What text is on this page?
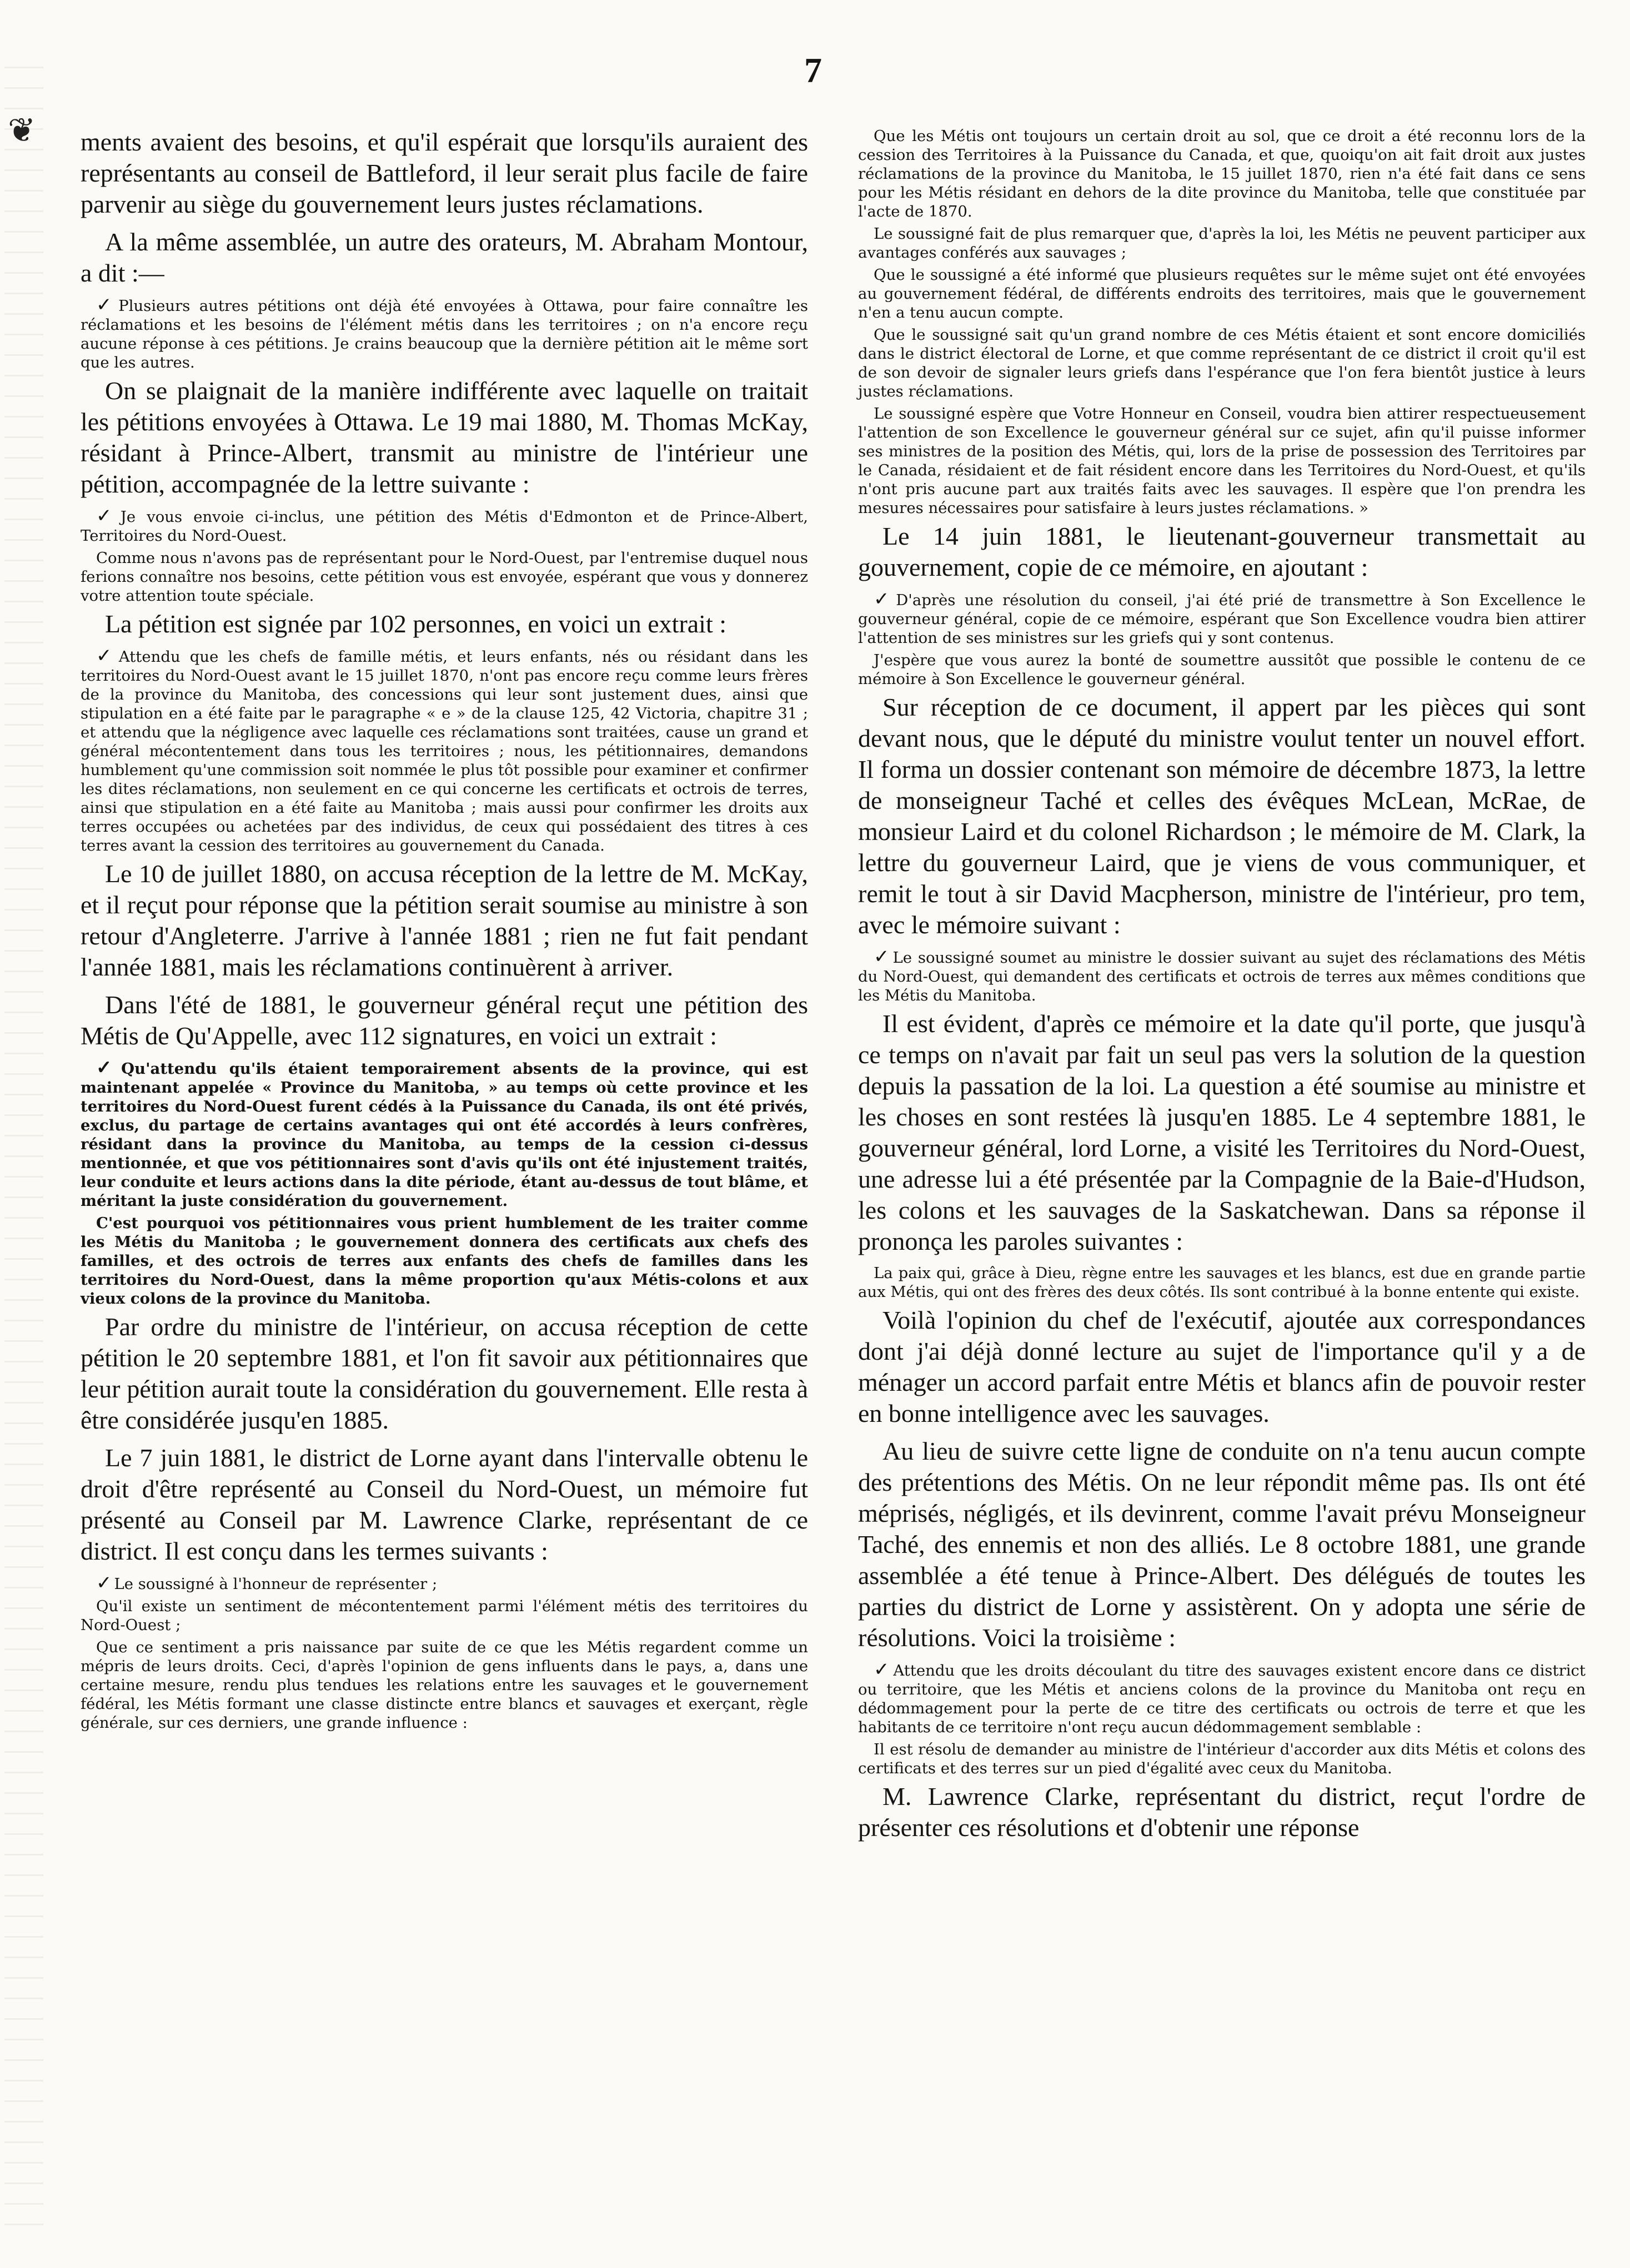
❦
7

ments avaient des besoins, et qu'il espérait que lorsqu'ils auraient des représentants au conseil de Battleford, il leur serait plus facile de faire parvenir au siège du gouvernement leurs justes réclamations.

A la même assemblée, un autre des orateurs, M. Abraham Montour, a dit :—

✓ Plusieurs autres pétitions ont déjà été envoyées à Ottawa, pour faire connaître les réclamations et les besoins de l'élément métis dans les territoires ; on n'a encore reçu aucune réponse à ces pétitions. Je crains beaucoup que la dernière pétition ait le même sort que les autres.

On se plaignait de la manière indifférente avec laquelle on traitait les pétitions envoyées à Ottawa. Le 19 mai 1880, M. Thomas McKay, résidant à Prince-Albert, transmit au ministre de l'intérieur une pétition, accompagnée de la lettre suivante :

✓ Je vous envoie ci-inclus, une pétition des Métis d'Edmonton et de Prince-Albert, Territoires du Nord-Ouest.

Comme nous n'avons pas de représentant pour le Nord-Ouest, par l'entremise duquel nous ferions connaître nos besoins, cette pétition vous est envoyée, espérant que vous y donnerez votre attention toute spéciale.

La pétition est signée par 102 personnes, en voici un extrait :

✓ Attendu que les chefs de famille métis, et leurs enfants, nés ou résidant dans les territoires du Nord-Ouest avant le 15 juillet 1870, n'ont pas encore reçu comme leurs frères de la province du Manitoba, des concessions qui leur sont justement dues, ainsi que stipulation en a été faite par le paragraphe « e » de la clause 125, 42 Victoria, chapitre 31 ; et attendu que la négligence avec laquelle ces réclamations sont traitées, cause un grand et général mécontentement dans tous les territoires ; nous, les pétitionnaires, demandons humblement qu'une commission soit nommée le plus tôt possible pour examiner et confirmer les dites réclamations, non seulement en ce qui concerne les certificats et octrois de terres, ainsi que stipulation en a été faite au Manitoba ; mais aussi pour confirmer les droits aux terres occupées ou achetées par des individus, de ceux qui possédaient des titres à ces terres avant la cession des territoires au gouvernement du Canada.

Le 10 de juillet 1880, on accusa réception de la lettre de M. McKay, et il reçut pour réponse que la pétition serait soumise au ministre à son retour d'Angleterre. J'arrive à l'année 1881 ; rien ne fut fait pendant l'année 1881, mais les réclamations continuèrent à arriver.

Dans l'été de 1881, le gouverneur général reçut une pétition des Métis de Qu'Appelle, avec 112 signatures, en voici un extrait :

✓ Qu'attendu qu'ils étaient temporairement absents de la province, qui est maintenant appelée « Province du Manitoba, » au temps où cette province et les territoires du Nord-Ouest furent cédés à la Puissance du Canada, ils ont été privés, exclus, du partage de certains avantages qui ont été accordés à leurs confrères, résidant dans la province du Manitoba, au temps de la cession ci-dessus mentionnée, et que vos pétitionnaires sont d'avis qu'ils ont été injustement traités, leur conduite et leurs actions dans la dite période, étant au-dessus de tout blâme, et méritant la juste considération du gouvernement.

C'est pourquoi vos pétitionnaires vous prient humblement de les traiter comme les Métis du Manitoba ; le gouvernement donnera des certificats aux chefs des familles, et des octrois de terres aux enfants des chefs de familles dans les territoires du Nord-Ouest, dans la même proportion qu'aux Métis-colons et aux vieux colons de la province du Manitoba.

Par ordre du ministre de l'intérieur, on accusa réception de cette pétition le 20 septembre 1881, et l'on fit savoir aux pétitionnaires que leur pétition aurait toute la considération du gouvernement. Elle resta à être considérée jusqu'en 1885.

Le 7 juin 1881, le district de Lorne ayant dans l'intervalle obtenu le droit d'être représenté au Conseil du Nord-Ouest, un mémoire fut présenté au Conseil par M. Lawrence Clarke, représentant de ce district. Il est conçu dans les termes suivants :

✓ Le soussigné à l'honneur de représenter ;

Qu'il existe un sentiment de mécontentement parmi l'élément métis des territoires du Nord-Ouest ;

Que ce sentiment a pris naissance par suite de ce que les Métis regardent comme un mépris de leurs droits. Ceci, d'après l'opinion de gens influents dans le pays, a, dans une certaine mesure, rendu plus tendues les relations entre les sauvages et le gouvernement fédéral, les Métis formant une classe distincte entre blancs et sauvages et exerçant, règle générale, sur ces derniers, une grande influence :

Que les Métis ont toujours un certain droit au sol, que ce droit a été reconnu lors de la cession des Territoires à la Puissance du Canada, et que, quoiqu'on ait fait droit aux justes réclamations de la province du Manitoba, le 15 juillet 1870, rien n'a été fait dans ce sens pour les Métis résidant en dehors de la dite province du Manitoba, telle que constituée par l'acte de 1870.

Le soussigné fait de plus remarquer que, d'après la loi, les Métis ne peuvent participer aux avantages conférés aux sauvages ;

Que le soussigné a été informé que plusieurs requêtes sur le même sujet ont été envoyées au gouvernement fédéral, de différents endroits des territoires, mais que le gouvernement n'en a tenu aucun compte.

Que le soussigné sait qu'un grand nombre de ces Métis étaient et sont encore domiciliés dans le district électoral de Lorne, et que comme représentant de ce district il croit qu'il est de son devoir de signaler leurs griefs dans l'espérance que l'on fera bientôt justice à leurs justes réclamations.

Le soussigné espère que Votre Honneur en Conseil, voudra bien attirer respectueusement l'attention de son Excellence le gouverneur général sur ce sujet, afin qu'il puisse informer ses ministres de la position des Métis, qui, lors de la prise de possession des Territoires par le Canada, résidaient et de fait résident encore dans les Territoires du Nord-Ouest, et qu'ils n'ont pris aucune part aux traités faits avec les sauvages. Il espère que l'on prendra les mesures nécessaires pour satisfaire à leurs justes réclamations. »

Le 14 juin 1881, le lieutenant-gouverneur transmettait au gouvernement, copie de ce mémoire, en ajoutant :

✓ D'après une résolution du conseil, j'ai été prié de transmettre à Son Excellence le gouverneur général, copie de ce mémoire, espérant que Son Excellence voudra bien attirer l'attention de ses ministres sur les griefs qui y sont contenus.

J'espère que vous aurez la bonté de soumettre aussitôt que possible le contenu de ce mémoire à Son Excellence le gouverneur général.

Sur réception de ce document, il appert par les pièces qui sont devant nous, que le député du ministre voulut tenter un nouvel effort. Il forma un dossier contenant son mémoire de décembre 1873, la lettre de monseigneur Taché et celles des évêques McLean, McRae, de monsieur Laird et du colonel Richardson ; le mémoire de M. Clark, la lettre du gouverneur Laird, que je viens de vous communiquer, et remit le tout à sir David Macpherson, ministre de l'intérieur, pro tem, avec le mémoire suivant :

✓ Le soussigné soumet au ministre le dossier suivant au sujet des réclamations des Métis du Nord-Ouest, qui demandent des certificats et octrois de terres aux mêmes conditions que les Métis du Manitoba.

Il est évident, d'après ce mémoire et la date qu'il porte, que jusqu'à ce temps on n'avait par fait un seul pas vers la solution de la question depuis la passation de la loi. La question a été soumise au ministre et les choses en sont restées là jusqu'en 1885. Le 4 septembre 1881, le gouverneur général, lord Lorne, a visité les Territoires du Nord-Ouest, une adresse lui a été présentée par la Compagnie de la Baie-d'Hudson, les colons et les sauvages de la Saskatchewan. Dans sa réponse il prononça les paroles suivantes :

La paix qui, grâce à Dieu, règne entre les sauvages et les blancs, est due en grande partie aux Métis, qui ont des frères des deux côtés. Ils sont contribué à la bonne entente qui existe.

Voilà l'opinion du chef de l'exécutif, ajoutée aux correspondances dont j'ai déjà donné lecture au sujet de l'importance qu'il y a de ménager un accord parfait entre Métis et blancs afin de pouvoir rester en bonne intelligence avec les sauvages.

Au lieu de suivre cette ligne de conduite on n'a tenu aucun compte des prétentions des Métis. On ne leur répondit même pas. Ils ont été méprisés, négligés, et ils devinrent, comme l'avait prévu Monseigneur Taché, des ennemis et non des alliés. Le 8 octobre 1881, une grande assemblée a été tenue à Prince-Albert. Des délégués de toutes les parties du district de Lorne y assistèrent. On y adopta une série de résolutions. Voici la troisième :

✓ Attendu que les droits découlant du titre des sauvages existent encore dans ce district ou territoire, que les Métis et anciens colons de la province du Manitoba ont reçu en dédommagement pour la perte de ce titre des certificats ou octrois de terre et que les habitants de ce territoire n'ont reçu aucun dédommagement semblable :

Il est résolu de demander au ministre de l'intérieur d'accorder aux dits Métis et colons des certificats et des terres sur un pied d'égalité avec ceux du Manitoba.

M. Lawrence Clarke, représentant du district, reçut l'ordre de présenter ces résolutions et d'obtenir une réponse
